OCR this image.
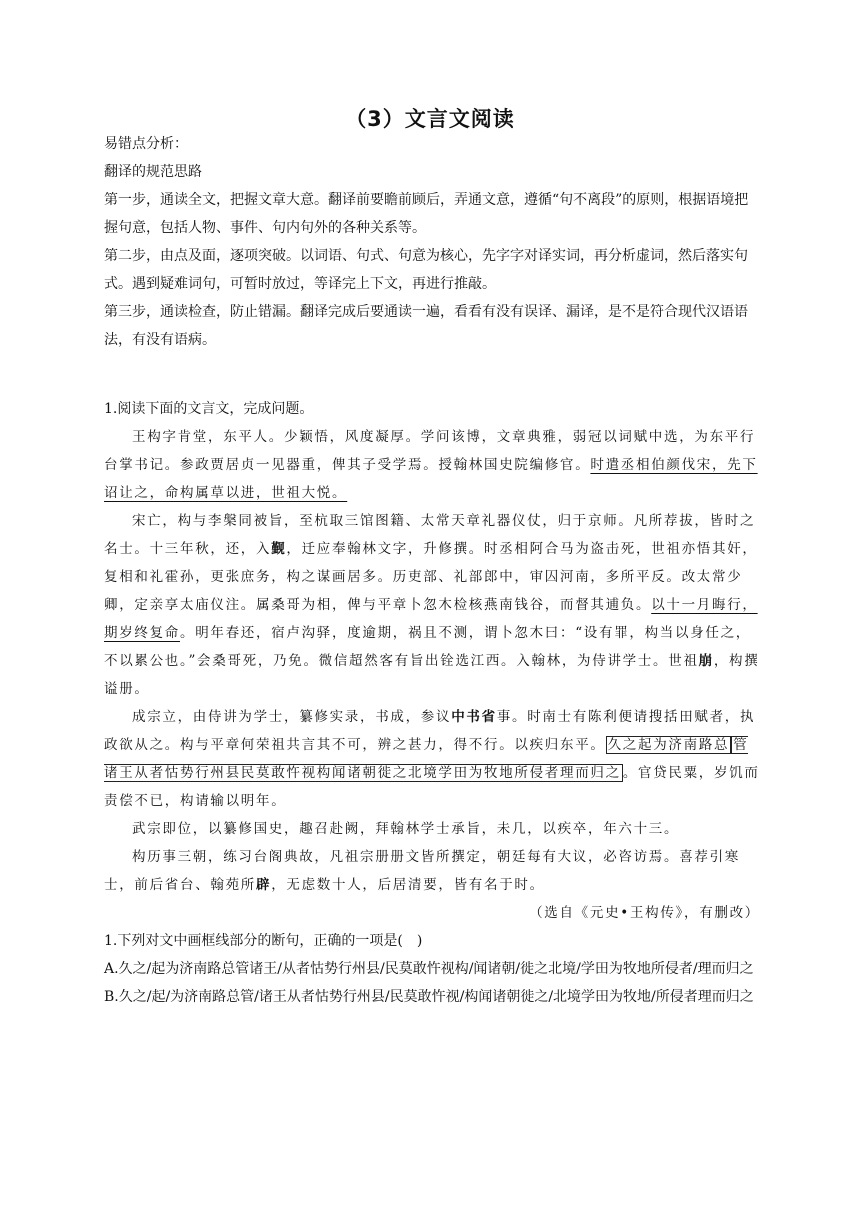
（3）文言文阅读

易错点分析：

翻译的规范思路

第一步，通读全文，把握文章大意。翻译前要瞻前顾后，弄通文意，遵循“句不离段”的原则，根据语境把握句意，包括人物、事件、句内句外的各种关系等。

第二步，由点及面，逐项突破。以词语、句式、句意为核心，先字字对译实词，再分析虚词，然后落实句式。遇到疑难词句，可暂时放过，等译完上下文，再进行推敲。

第三步，通读检查，防止错漏。翻译完成后要通读一遍，看看有没有误译、漏译，是不是符合现代汉语语法，有没有语病。

1.阅读下面的文言文，完成问题。

王构字肯堂，东平人。少颖悟，风度凝厚。学问该博，文章典雅，弱冠以词赋中选，为东平行台掌书记。参政贾居贞一见器重，俾其子受学焉。授翰林国史院编修官。时遣丞相伯颜伐宋，先下诏让之，命构属草以进，世祖大悦。

宋亡，构与李槃同被旨，至杭取三馆图籍、太常天章礼器仪仗，归于京师。凡所荐拔，皆时之名士。十三年秋，还，入觐，迁应奉翰林文字，升修撰。时丞相阿合马为盗击死，世祖亦悟其奸，复相和礼霍孙，更张庶务，构之谋画居多。历吏部、礼部郎中，审囚河南，多所平反。改太常少卿，定亲享太庙仪注。属桑哥为相，俾与平章卜忽木检核燕南钱谷，而督其逋负。以十一月晦行，期岁终复命。明年春还，宿卢沟驿，度逾期，祸且不测，谓卜忽木曰：“设有罪，构当以身任之，不以累公也。”会桑哥死，乃免。微信超然客有旨出铨选江西。入翰林，为侍讲学士。世祖崩，构撰谥册。

成宗立，由侍讲为学士，纂修实录，书成，参议中书省事。时南士有陈利便请搜括田赋者，执政欲从之。构与平章何荣祖共言其不可，辨之甚力，得不行。以疾归东平。 久之起为济南路总 管诸王从者怙势行州县民莫敢忤视构闻诸朝徙之北境学田为牧地所侵者理而归之 。官贷民粟，岁饥而责偿不已，构请输以明年。

武宗即位，以纂修国史，趣召赴阙，拜翰林学士承旨，未几，以疾卒，年六十三。

构历事三朝，练习台阁典故，凡祖宗册册文皆所撰定，朝廷每有大议，必咨访焉。喜荐引寒士，前后省台、翰苑所辟，无虑数十人，后居清要，皆有名于时。

（选自《元史•王构传》，有删改）

1.下列对文中画框线部分的断句，正确的一项是(　)

A.久之/起为济南路总管诸王/从者怙势行州县/民莫敢忤视构/闻诸朝/徙之北境/学田为牧地所侵者/理而归之

B.久之/起/为济南路总管/诸王从者怙势行州县/民莫敢忤视/构闻诸朝徙之/北境学田为牧地/所侵者理而归之
